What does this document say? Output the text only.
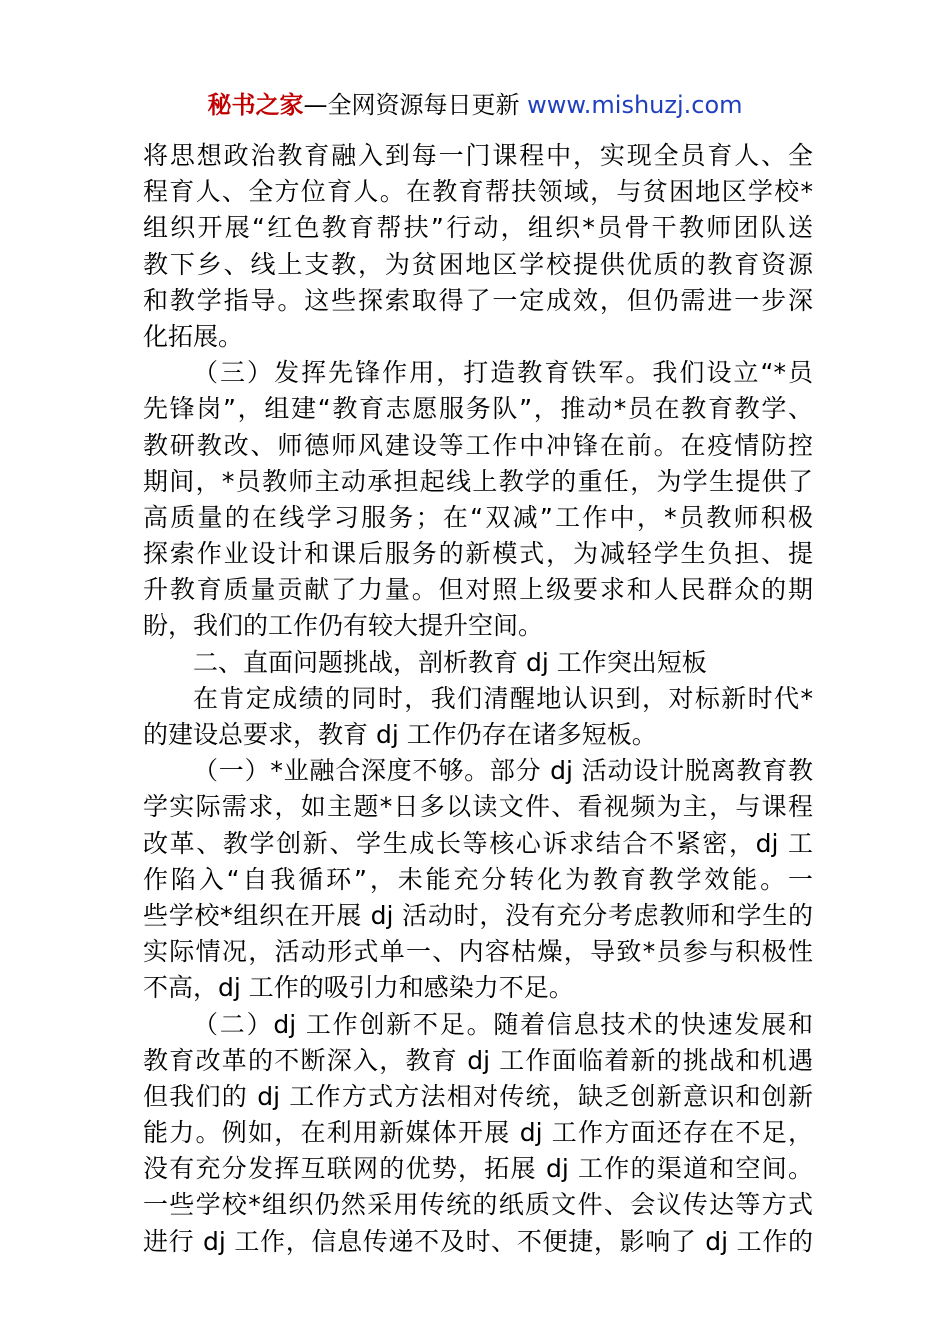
秘书之家—全网资源每日更新 www.mishuzj.com
将思想政治教育融入到每一门课程中，实现全员育人、全
程育人、全方位育人。在教育帮扶领域，与贫困地区学校*
组织开展“红色教育帮扶”行动，组织*员骨干教师团队送
教下乡、线上支教，为贫困地区学校提供优质的教育资源
和教学指导。这些探索取得了一定成效，但仍需进一步深
化拓展。
（三）发挥先锋作用，打造教育铁军。我们设立“*员
先锋岗”，组建“教育志愿服务队”，推动*员在教育教学、
教研教改、师德师风建设等工作中冲锋在前。在疫情防控
期间，*员教师主动承担起线上教学的重任，为学生提供了
高质量的在线学习服务；在“双减”工作中，*员教师积极
探索作业设计和课后服务的新模式，为减轻学生负担、提
升教育质量贡献了力量。但对照上级要求和人民群众的期
盼，我们的工作仍有较大提升空间。
二、直面问题挑战，剖析教育 dj 工作突出短板
在肯定成绩的同时，我们清醒地认识到，对标新时代*
的建设总要求，教育 dj 工作仍存在诸多短板。
（一）*业融合深度不够。部分 dj 活动设计脱离教育教
学实际需求，如主题*日多以读文件、看视频为主，与课程
改革、教学创新、学生成长等核心诉求结合不紧密，dj 工
作陷入“自我循环”，未能充分转化为教育教学效能。一
些学校*组织在开展 dj 活动时，没有充分考虑教师和学生的
实际情况，活动形式单一、内容枯燥，导致*员参与积极性
不高，dj 工作的吸引力和感染力不足。
（二）dj 工作创新不足。随着信息技术的快速发展和
教育改革的不断深入，教育 dj 工作面临着新的挑战和机遇
但我们的 dj 工作方式方法相对传统，缺乏创新意识和创新
能力。例如，在利用新媒体开展 dj 工作方面还存在不足，
没有充分发挥互联网的优势，拓展 dj 工作的渠道和空间。
一些学校*组织仍然采用传统的纸质文件、会议传达等方式
进行 dj 工作，信息传递不及时、不便捷，影响了 dj 工作的
